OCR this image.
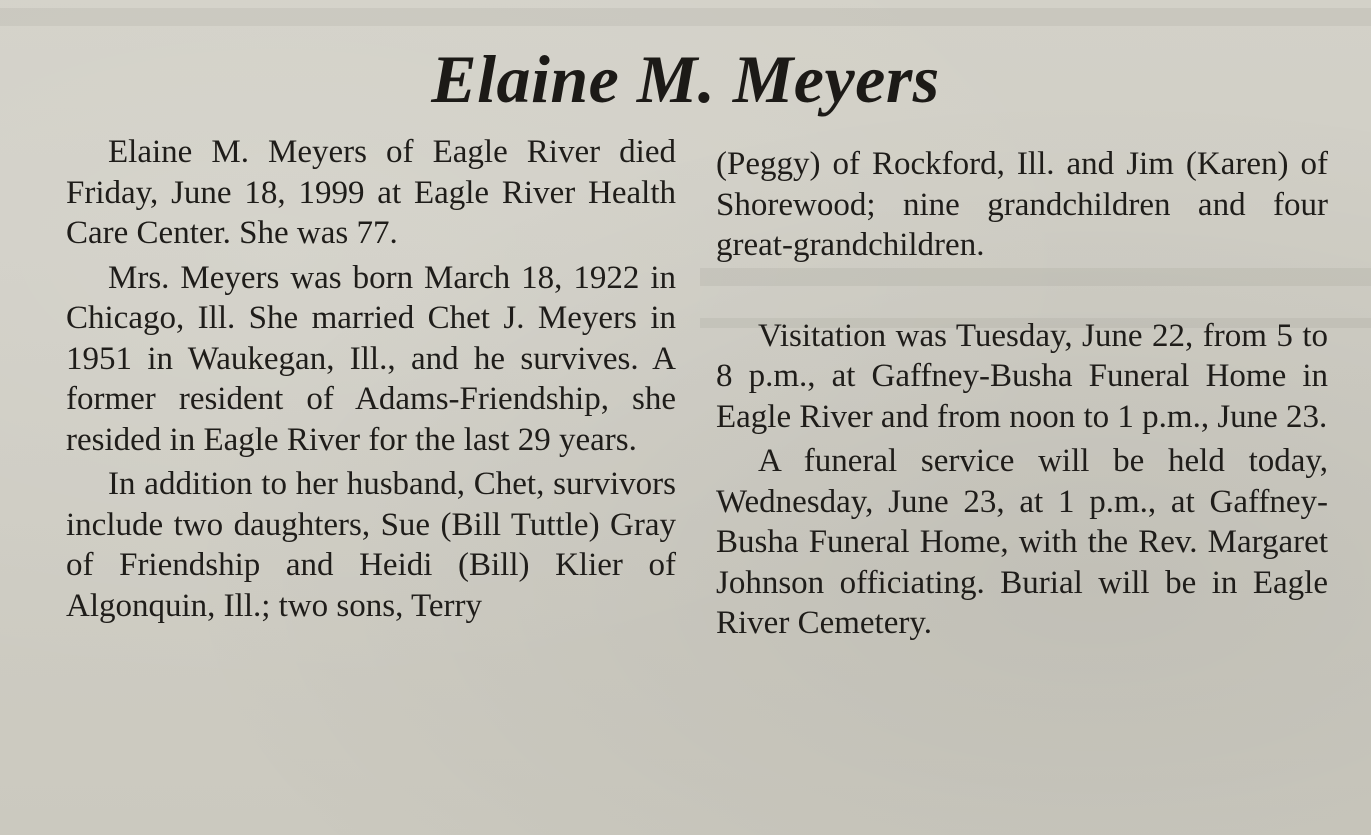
Elaine M. Meyers

Elaine M. Meyers of Eagle River died Friday, June 18, 1999 at Eagle River Health Care Center. She was 77.

Mrs. Meyers was born March 18, 1922 in Chicago, Ill. She married Chet J. Meyers in 1951 in Waukegan, Ill., and he survives. A former resident of Adams-Friendship, she resided in Eagle River for the last 29 years.

In addition to her husband, Chet, survivors include two daughters, Sue (Bill Tuttle) Gray of Friendship and Heidi (Bill) Klier of Algonquin, Ill.; two sons, Terry

(Peggy) of Rockford, Ill. and Jim (Karen) of Shorewood; nine grandchildren and four great-grandchildren.

Visitation was Tuesday, June 22, from 5 to 8 p.m., at Gaffney-Busha Funeral Home in Eagle River and from noon to 1 p.m., June 23.

A funeral service will be held today, Wednesday, June 23, at 1 p.m., at Gaffney-Busha Funeral Home, with the Rev. Margaret Johnson officiating. Burial will be in Eagle River Cemetery.
